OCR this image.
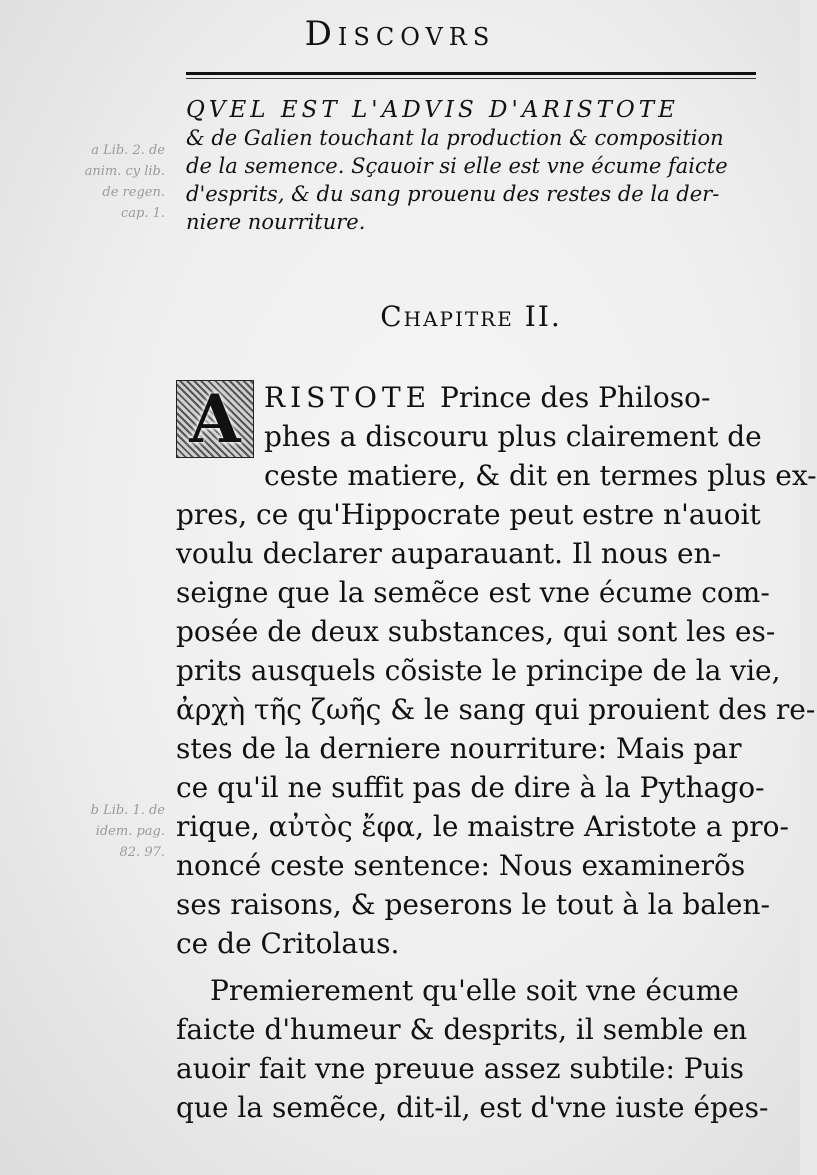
Discovrs
a Lib. 2. de
anim. cy lib.
de regen.
cap. 1.
b Lib. 1. de
idem. pag.
82. 97.
QVEL EST L'ADVIS D'ARISTOTE
& de Galien touchant la production & composition
de la semence. Sçauoir si elle est vne écume faicte
d'esprits, & du sang prouenu des restes de la der-
niere nourriture.
Chapitre II.
A RISTOTE Prince des Philoso-
phes a discouru plus clairement de
ceste matiere, & dit en termes plus ex-
pres, ce qu'Hippocrate peut estre n'auoit
voulu declarer auparauant. Il nous en-
seigne que la semẽce est vne écume com-
posée de deux substances, qui sont les es-
prits ausquels cõsiste le principe de la vie,
ἀρχὴ τῆς ζωῆς & le sang qui prouient des re-
stes de la derniere nourriture: Mais par
ce qu'il ne suffit pas de dire à la Pythago-
rique, αὐτὸς ἔφα, le maistre Aristote a pro-
noncé ceste sentence: Nous examinerõs
ses raisons, & peserons le tout à la balen-
ce de Critolaus.
Premierement qu'elle soit vne écume
faicte d'humeur & desprits, il semble en
auoir fait vne preuue assez subtile: Puis
que la semẽce, dit-il, est d'vne iuste épes-
